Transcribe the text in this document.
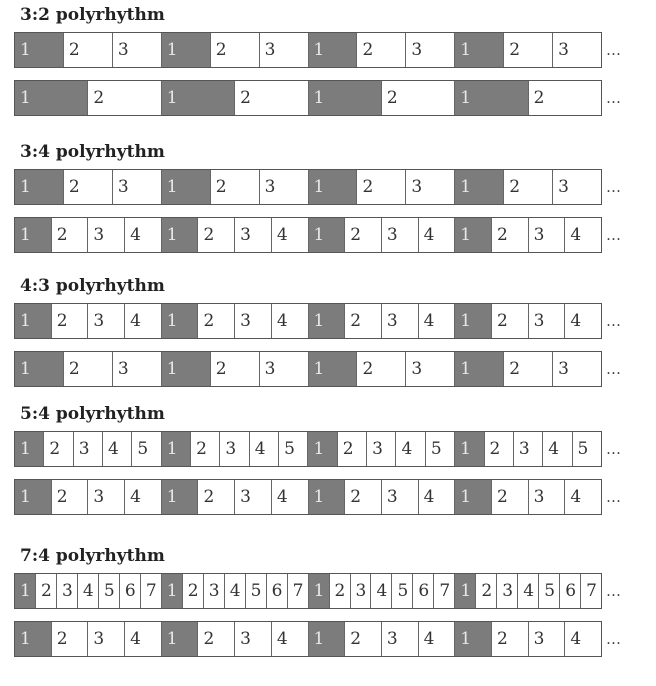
3:2 polyrhythm
1	2	3	1	2	3	1	2	3	1	2	3	…
1	2	1	2	1	2	1	2	…
3:4 polyrhythm
1	2	3	1	2	3	1	2	3	1	2	3	…
1	2	3	4	1	2	3	4	1	2	3	4	1	2	3	4	…
4:3 polyrhythm
1	2	3	4	1	2	3	4	1	2	3	4	1	2	3	4	…
1	2	3	1	2	3	1	2	3	1	2	3	…
5:4 polyrhythm
1	2	3	4	5	1	2	3	4	5	1	2	3	4	5	1	2	3	4	5	…
1	2	3	4	1	2	3	4	1	2	3	4	1	2	3	4	…
7:4 polyrhythm
1 2 3 4 5 6 7 1 2 3 4 5 6 7 1 2 3 4 5 6 7 1 2 3 4 5 6 7 …
1	2	3	4	1	2	3	4	1	2	3	4	1	2	3	4	…
